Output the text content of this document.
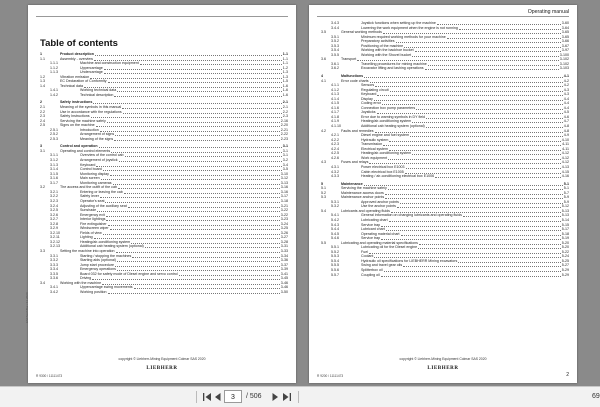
Table of contents
1	Product description	1-1
1.1	Assembly - overview	1-1
1.1.1	Machine and construction equipment	1-1
1.1.2	Uppercarriage	1-2
1.1.3	Undercarriage	1-3
1.2	Vibration emission	1-3
1.3	EC Declaration of Conformity	1-5
1.4	Technical data	1-6
1.4.1	Working technical data	1-6
1.4.2	Technical description	1-6
2	Safety instructions	2-1
2.1	Meaning of the symbols in this manual	2-1
2.2	Use in accordance with the regulations	2-2
2.3	Safety Instructions	2-3
2.4	Servicing the machine safely	2-16
2.5	Signs on the machine	2-20
2.5.1	Introduction	2-21
2.5.2	Arrangement of signs	2-22
2.5.3	Meaning of the signs	2-23
3	Control and operation	3-1
3.1	Operating and control elements	3-1
3.1.1	Overview of the control cab	3-1
3.1.2	Arrangement of joystick	3-2
3.1.3	Keyboard	3-4
3.1.4	Control board	3-5
3.1.5	Monitoring display	3-10
3.1.6	Main screen	3-12
3.1.7	Monitoring cameras	3-13
3.2	The access and the outfit of the cab	3-16
3.2.1	Entering or leaving the cab	3-16
3.2.2	Safety lever	3-17
3.2.3	Operator's seat	3-18
3.2.4	Adjusting of the auxiliary seat	3-21
3.2.5	Sunshade	3-22
3.2.6	Emergency exit	3-22
3.2.7	Interior lightings	3-23
3.2.8	Fire extinguisher	3-24
3.2.9	Windscreen wiper	3-25
3.2.10	Fields of view	3-26
3.2.11	Lighting	3-27
3.2.12	Heating/air-conditioning system	3-28
3.2.13	Additional cab heating system (optional)	3-31
3.3	Setting the machine into operation	3-33
3.3.1	Starting / stopping the machines	3-34
3.3.2	Starting aids (optional)	3-36
3.3.3	Jump start procedure	3-37
3.3.4	Emergency operations	3-39
3.3.5	Board 032 for safety mode of Diesel engine and servo control	3-41
3.3.6	Driving	3-45
3.4	Working with the machine	3-46
3.4.1	Uppercarriage swing movements	3-46
3.4.2	Working position	3-50
ESFSxr/1Bor / 11.2020
copyright © Liebherr-Mining Equipment Colmar SAS 2020
LIEBHERR
R 9300 / 11111473
Operating manual
3.4.3	Joystick functions when setting up the machine	3-60
3.4.4	Lowering the work equipment when the engine is not running	3-64
3.5	General working methods	3-65
3.5.1	Minimum required working methods for your machine	3-65
3.5.2	Preparatory activities	3-66
3.5.3	Positioning of the machine	3-67
3.5.4	Working with the backhoe bucket	3-97
3.5.5	Working with the Shovel bucket	3-100
3.6	Transport	3-102
3.6.1	Travelling procedures for mining machine	3-102
3.6.2	Excavator lifting and lashing operations	3-103
4	Malfunctions	4-1
4.1	Error code charts	4-2
4.1.1	Sensors	4-2
4.1.2	Regulating circuit	4-3
4.1.3	Keyboard	4-3
4.1.4	Display	4-4
4.1.5	Coding error	4-4
4.1.6	Connection box pump parameters	4-4
4.1.7	Joysticks	4-5
4.1.8	Error due to warning symbols in DY field	4-6
4.1.9	Heating/air-conditioning system	4-7
4.1.10	Additional cab heating system (optional)	4-8
4.2	Faults and remedies	4-8
4.2.1	Diesel engine and fuel system	4-9
4.2.2	Hydraulic system	4-10
4.2.3	Transmission	4-11
4.2.4	Electrical system	4-11
4.2.5	Heating/air-conditioning system	4-12
4.2.6	Work equipment	4-12
4.3	Fuses and relays	4-12
4.3.1	Power electrical box E1003	4-13
4.3.2	Cabin electrical box E1005	4-15
4.3.3	Heating / air-conditioning electrical box E1006	4-16
5	Maintenance	5-1
5.1	Servicing the machine safely	5-1
5.2	Maintenance access doors	5-7
5.3	Maintenance anchor points	5-9
5.3.1	Approved anchor points	5-9
5.3.2	Use the anchor points	5-12
5.4	Lubricants and operating fluids	5-13
5.4.1	General information on changing lubricants and operating fluids	5-13
5.4.2	Lubricating chart	5-14
5.4.3	Service trap	5-15
5.4.4	Lubricant chart	5-17
5.4.5	Operating material chart	5-18
5.4.6	Service trap	5-19
5.5	Lubricating and operating material specifications	5-20
5.5.1	Lubricating oil for the Diesel engine	5-20
5.5.2	Fuel	5-22
5.5.3	Coolant	5-24
5.5.4	Hydraulic oil specifications for LIEBHERR Mining excavators	5-25
5.5.5	Swing and travel gear oils	5-27
5.5.6	Splitterbox oil	5-29
5.5.7	Coupling oil	5-29
copyright © Liebherr-Mining Equipment Colmar SAS 2020
LIEBHERR
R 9200 / 11111473	2
3	/ 506	69
